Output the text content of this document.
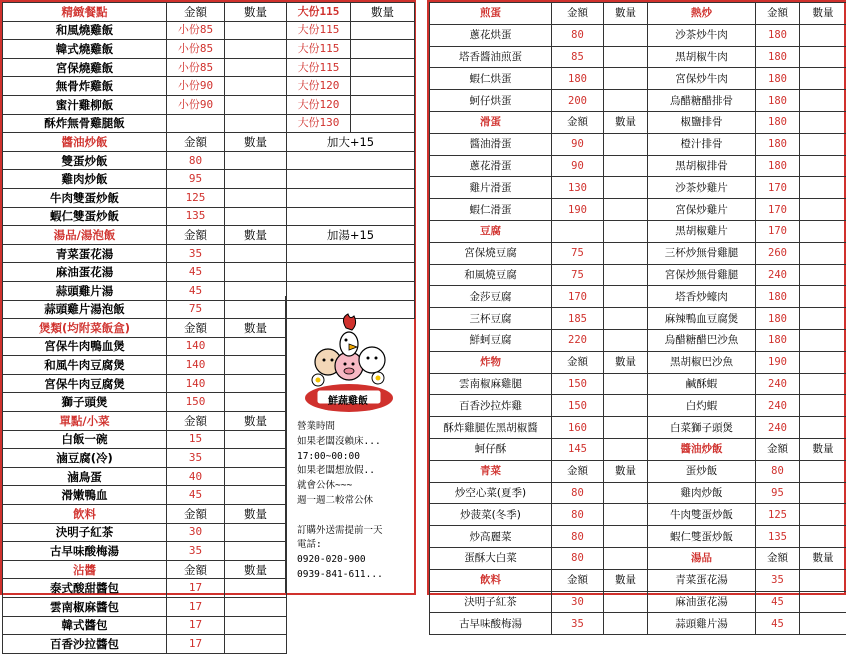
精緻餐點	金額	數量	大份115	數量
和風燒雞飯	小份85		大份115	
韓式燒雞飯	小份85		大份115	
宮保燒雞飯	小份85		大份115	
無骨炸雞飯	小份90		大份120	
蜜汁雞柳飯	小份90		大份120	
酥炸無骨雞腿飯			大份130	
醬油炒飯	金額	數量	加大+15	
雙蛋炒飯	80			
雞肉炒飯	95			
牛肉雙蛋炒飯	125			
蝦仁雙蛋炒飯	135			
湯品/湯泡飯	金額	數量	加湯+15	
青菜蛋花湯	35			
麻油蛋花湯	45			
蒜頭雞片湯	45			
蒜頭雞片湯泡飯	75			
煲類(均附菜飯盒)	金額	數量		
宮保牛肉鴨血煲	140			
和風牛肉豆腐煲	140			
宮保牛肉豆腐煲	140			
獅子頭煲	150			
單點/小菜	金額	數量		
白飯一碗	15			
滷豆腐(冷)	35			
滷鳥蛋	40			
滑嫩鴨血	45			
飲料	金額	數量		
決明子紅茶	30			
古早味酸梅湯	35			
沾醬	金額	數量		
泰式酸甜醬包	17			
雲南椒麻醬包	17			
韓式醬包	17			
百香沙拉醬包	17			
鮮蔬雞飯
營業時間
如果老闆沒賴床...
17:00~00:00
如果老闆想放假..
就會公休~~~
週一週二較常公休
訂購外送需提前一天
電話:
0920-020-900
0939-841-611...
煎蛋	金額	數量	熱炒	金額	數量
蔥花烘蛋	80		沙茶炒牛肉	180	
塔香醬油煎蛋	85		黑胡椒牛肉	180	
蝦仁烘蛋	180		宮保炒牛肉	180	
蚵仔烘蛋	200		烏醋糖醋排骨	180	
滑蛋	金額	數量	椒鹽排骨	180	
醬油滑蛋	90		橙汁排骨	180	
蔥花滑蛋	90		黑胡椒排骨	180	
雞片滑蛋	130		沙茶炒雞片	170	
蝦仁滑蛋	190		宮保炒雞片	170	
豆腐			黑胡椒雞片	170	
宮保燒豆腐	75		三杯炒無骨雞腿	260	
和風燒豆腐	75		宮保炒無骨雞腿	240	
金莎豆腐	170		塔香炒蠔肉	180	
三杯豆腐	185		麻辣鴨血豆腐煲	180	
鮮蚵豆腐	220		烏醋糖醋巴沙魚	180	
炸物	金額	數量	黑胡椒巴沙魚	190	
雲南椒麻雞腿	150		鹹酥蝦	240	
百香沙拉炸雞	150		白灼蝦	240	
酥炸雞腿佐黑胡椒醬	160		白菜獅子頭煲	240	
蚵仔酥	145		醬油炒飯	金額	數量
青菜	金額	數量	蛋炒飯	80	
炒空心菜(夏季)	80		雞肉炒飯	95	
炒菠菜(冬季)	80		牛肉雙蛋炒飯	125	
炒高麗菜	80		蝦仁雙蛋炒飯	135	
蛋酥大白菜	80		湯品	金額	數量
飲料	金額	數量	青菜蛋花湯	35	
決明子紅茶	30		麻油蛋花湯	45	
古早味酸梅湯	35		蒜頭雞片湯	45	
